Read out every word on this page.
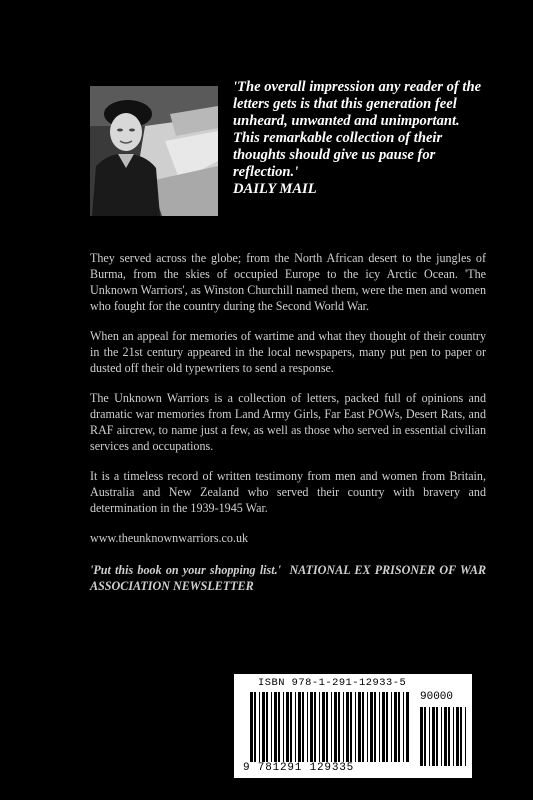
'The overall impression any reader of the letters gets is that this generation feel unheard, unwanted and unimportant. This remarkable collection of their thoughts should give us pause for reflection.'
DAILY MAIL

They served across the globe; from the North African desert to the jungles of Burma, from the skies of occupied Europe to the icy Arctic Ocean. 'The Unknown Warriors', as Winston Churchill named them, were the men and women who fought for the country during the Second World War.

When an appeal for memories of wartime and what they thought of their country in the 21st century appeared in the local newspapers, many put pen to paper or dusted off their old typewriters to send a response.

The Unknown Warriors is a collection of letters, packed full of opinions and dramatic war memories from Land Army Girls, Far East POWs, Desert Rats, and RAF aircrew, to name just a few, as well as those who served in essential civilian services and occupations.

It is a timeless record of written testimony from men and women from Britain, Australia and New Zealand who served their country with bravery and determination in the 1939-1945 War.

www.theunknownwarriors.co.uk

'Put this book on your shopping list.' NATIONAL EX PRISONER OF WAR ASSOCIATION NEWSLETTER

ISBN 978-1-291-12933-5
90000
9 781291 129335
